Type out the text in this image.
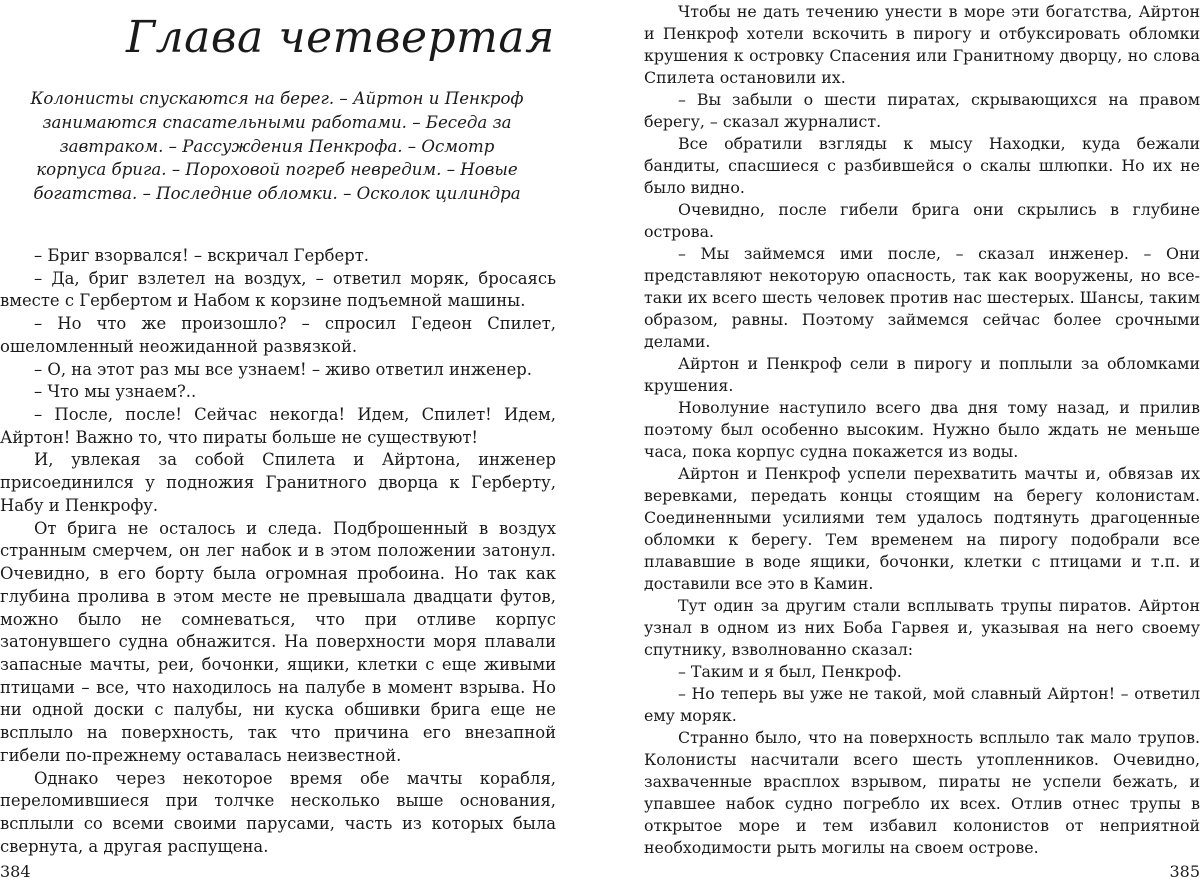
Глава четвертая

Колонисты спускаются на берег. – Айртон и Пенкроф занимаются спасательными работами. – Беседа за завтраком. – Рассуждения Пенкрофа. – Осмотр корпуса брига. – Пороховой погреб невредим. – Новые богатства. – Последние обломки. – Осколок цилиндра

– Бриг взорвался! – вскричал Герберт.

– Да, бриг взлетел на воздух, – ответил моряк, бросаясь вместе с Гербертом и Набом к корзине подъемной машины.

– Но что же произошло? – спросил Гедеон Спилет, ошеломленный неожиданной развязкой.

– О, на этот раз мы все узнаем! – живо ответил инженер.

– Что мы узнаем?..

– После, после! Сейчас некогда! Идем, Спилет! Идем, Айртон! Важно то, что пираты больше не существуют!

И, увлекая за собой Спилета и Айртона, инженер присоединился у подножия Гранитного дворца к Герберту, Набу и Пенкрофу.

От брига не осталось и следа. Подброшенный в воздух странным смерчем, он лег набок и в этом положении затонул. Очевидно, в его борту была огромная пробоина. Но так как глубина пролива в этом месте не превышала двадцати футов, можно было не сомневаться, что при отливе корпус затонувшего судна обнажится. На поверхности моря плавали запасные мачты, реи, бочонки, ящики, клетки с еще живыми птицами – все, что находилось на палубе в момент взрыва. Но ни одной доски с палубы, ни куска обшивки брига еще не всплыло на поверхность, так что причина его внезапной гибели по-прежнему оставалась неизвестной.

Однако через некоторое время обе мачты корабля, переломившиеся при толчке несколько выше основания, всплыли со всеми своими парусами, часть из которых была свернута, а другая распущена.

384

Чтобы не дать течению унести в море эти богатства, Айртон и Пенкроф хотели вскочить в пирогу и отбуксировать обломки крушения к островку Спасения или Гранитному дворцу, но слова Спилета остановили их.

– Вы забыли о шести пиратах, скрывающихся на правом берегу, – сказал журналист.

Все обратили взгляды к мысу Находки, куда бежали бандиты, спасшиеся с разбившейся о скалы шлюпки. Но их не было видно.

Очевидно, после гибели брига они скрылись в глубине острова.

– Мы займемся ими после, – сказал инженер. – Они представляют некоторую опасность, так как вооружены, но все-таки их всего шесть человек против нас шестерых. Шансы, таким образом, равны. Поэтому займемся сейчас более срочными делами.

Айртон и Пенкроф сели в пирогу и поплыли за обломками крушения.

Новолуние наступило всего два дня тому назад, и прилив поэтому был особенно высоким. Нужно было ждать не меньше часа, пока корпус судна покажется из воды.

Айртон и Пенкроф успели перехватить мачты и, обвязав их веревками, передать концы стоящим на берегу колонистам. Соединенными усилиями тем удалось подтянуть драгоценные обломки к берегу. Тем временем на пирогу подобрали все плававшие в воде ящики, бочонки, клетки с птицами и т.п. и доставили все это в Камин.

Тут один за другим стали всплывать трупы пиратов. Айртон узнал в одном из них Боба Гарвея и, указывая на него своему спутнику, взволнованно сказал:

– Таким и я был, Пенкроф.

– Но теперь вы уже не такой, мой славный Айртон! – ответил ему моряк.

Странно было, что на поверхность всплыло так мало трупов. Колонисты насчитали всего шесть утопленников. Очевидно, захваченные врасплох взрывом, пираты не успели бежать, и упавшее набок судно погребло их всех. Отлив отнес трупы в открытое море и тем избавил колонистов от неприятной необходимости рыть могилы на своем острове.

385
